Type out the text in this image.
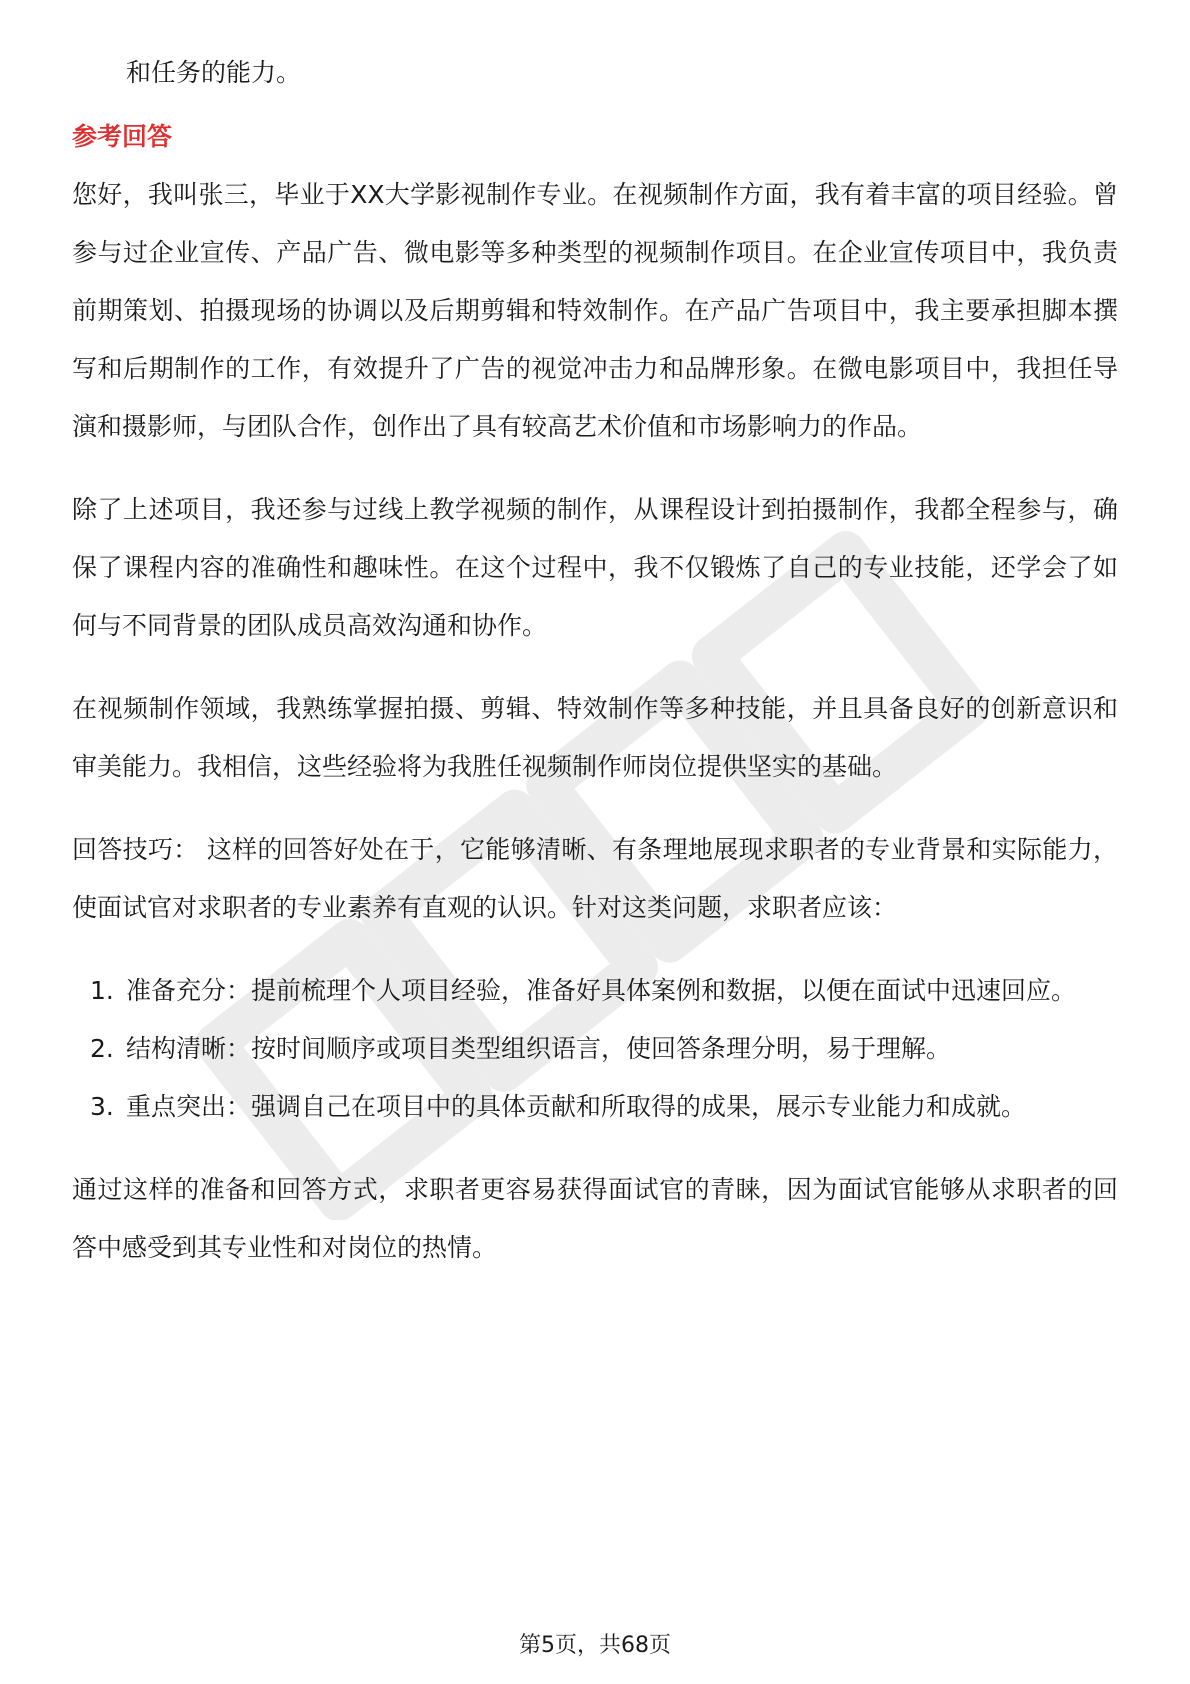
和任务的能力。
参考回答

您好，我叫张三，毕业于XX大学影视制作专业。在视频制作方面，我有着丰富的项目经验。曾参与过企业宣传、产品广告、微电影等多种类型的视频制作项目。在企业宣传项目中，我负责前期策划、拍摄现场的协调以及后期剪辑和特效制作。在产品广告项目中，我主要承担脚本撰写和后期制作的工作，有效提升了广告的视觉冲击力和品牌形象。在微电影项目中，我担任导演和摄影师，与团队合作，创作出了具有较高艺术价值和市场影响力的作品。

除了上述项目，我还参与过线上教学视频的制作，从课程设计到拍摄制作，我都全程参与，确保了课程内容的准确性和趣味性。在这个过程中，我不仅锻炼了自己的专业技能，还学会了如何与不同背景的团队成员高效沟通和协作。

在视频制作领域，我熟练掌握拍摄、剪辑、特效制作等多种技能，并且具备良好的创新意识和审美能力。我相信，这些经验将为我胜任视频制作师岗位提供坚实的基础。

回答技巧： 这样的回答好处在于，它能够清晰、有条理地展现求职者的专业背景和实际能力，使面试官对求职者的专业素养有直观的认识。针对这类问题，求职者应该：

1. 准备充分：提前梳理个人项目经验，准备好具体案例和数据，以便在面试中迅速回应。
2. 结构清晰：按时间顺序或项目类型组织语言，使回答条理分明，易于理解。
3. 重点突出：强调自己在项目中的具体贡献和所取得的成果，展示专业能力和成就。

通过这样的准备和回答方式，求职者更容易获得面试官的青睐，因为面试官能够从求职者的回答中感受到其专业性和对岗位的热情。

第5页，共68页
